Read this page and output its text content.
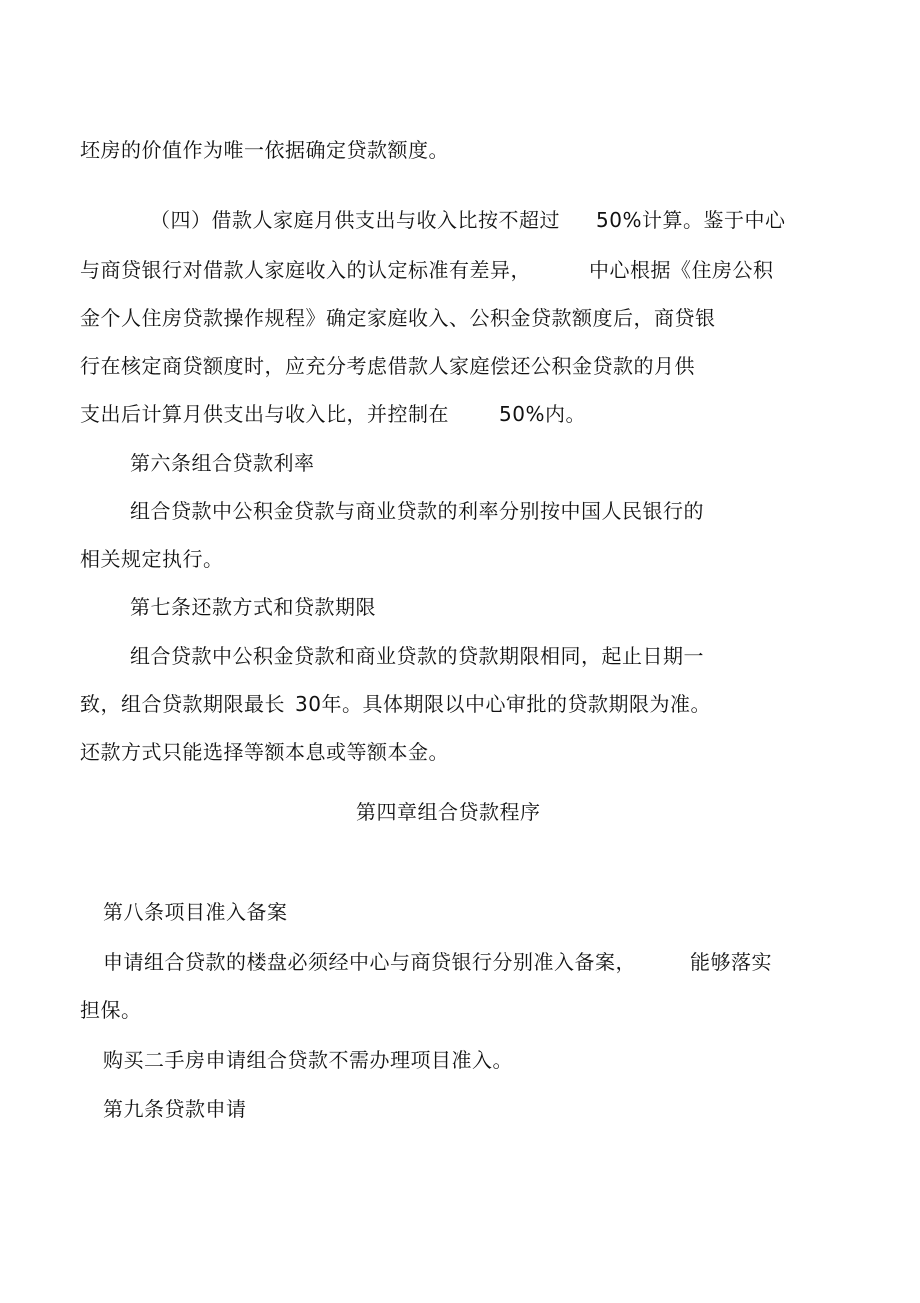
坯房的价值作为唯一依据确定贷款额度。

（四）借款人家庭月供支出与收入比按不超过 50%计算。鉴于中心

与商贷银行对借款人家庭收入的认定标准有差异，	中心根据《住房公积

金个人住房贷款操作规程》确定家庭收入、公积金贷款额度后，商贷银

行在核定商贷额度时，应充分考虑借款人家庭偿还公积金贷款的月供

支出后计算月供支出与收入比，并控制在	50%内。

第六条组合贷款利率

组合贷款中公积金贷款与商业贷款的利率分别按中国人民银行的

相关规定执行。

第七条还款方式和贷款期限

组合贷款中公积金贷款和商业贷款的贷款期限相同，起止日期一

致，组合贷款期限最长 30年。具体期限以中心审批的贷款期限为准。

还款方式只能选择等额本息或等额本金。

第四章组合贷款程序

第八条项目准入备案

申请组合贷款的楼盘必须经中心与商贷银行分别准入备案，	能够落实

担保。

购买二手房申请组合贷款不需办理项目准入。

第九条贷款申请
